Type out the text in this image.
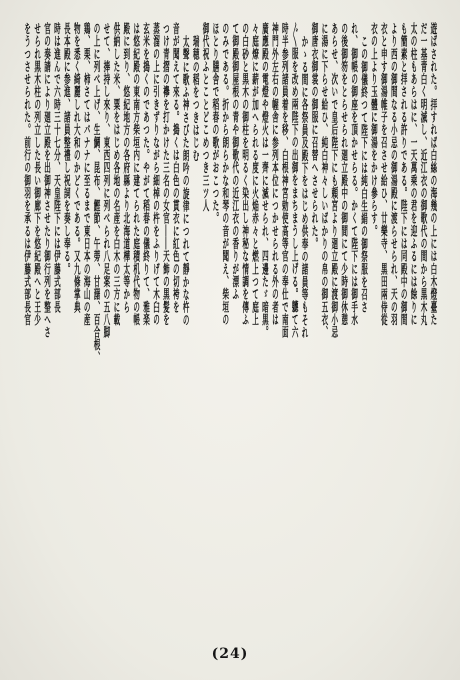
遊ばされた。拝すれば白絲の海幾の上には白木燈臺た
だ一基青白く明滅し、近江衣の御歌代の間から黒木丸
太の柱もあらはに、一天萬乘の君を迎ふるには餘りに
も簡素と拝される許りである。陛下には同殿中の御間
より西の御間なる小忌の御湯殿に渡らせられ、天の羽
衣と申す御湯帷子を召させ給ひ、廿樂寺、黒田兩侍從
衣の上より玉體に御湯をかけ參らす。
この御儀終つて陛下には純白生絹の御祭服を召さ
れ、御帳の御座を頂かせらる。かくて陛下には御手水
の後御笏をとらせられ廻立殿中の御間にて少時御休憩
あらせ、次いで皇后陛下にも頼宮より廻立殿に渡御小忌
に湯に下らせ給ひ、純白神々しいばかりの帛の御五衣、
御唐衣御裳の御服に召替へさせられた。
かゝる間に各祭員及殿下をはじめ供奉の諸員等もそれ
〴〵服を改め兩陛下の出御をまちまうし上げる。軈て六
時半参列諸員着を移、白根神宮勅使高等官の奉仕で南面
神門外左右の幄舎に参列本位につかせられる外の者は
廣應殿の電燈や燈火は一齊に滅せられ、四邊たゞ暗黒。
々庭燎に薪が加へられる度に火焔赤々と燃上つて庭上
の白砂と黒木の御柱を明るく染出し神秘な情調を傳ふ
て御殿御屋根の青や御歌代の近江衣の香りが漂ふ
のみである。折から朗らかな和琴の音が聞え、柴垣の
ほとり膳舎で稻春の歌がおこつた。
御代祝ふとことどこめつき三ツ人
瑞穂の稻をつきはじむ
太聲に歌ふ神さびた朗吟の旋律につれて靜かな杵の
音が聞えて來る。搗くは白色の貫衣に紅色の切袴を
つけ青摺の襷を打かけた三名の女官――天飾の黒髪を
蒸溜の上に引きずりながら細棹の杵をふりげて木臼の
玄米を搗くのであつた。やがて稻春の儀終りて、雅楽
は悠紀殿の東南方柴垣内に建てられた庭積机代物の帳
殿に到り、悠紀地方の各府縣より北海道樺太等から
供納した米、粟をはじめ各地の名産を白木の三方に載
せて、捧持し來り、東西四列に列べられ八足案の五八脚
の上に列べ上げ、生鯛、昆布、鰹節、午蒡、甘藷、百合根、
鶏、栗、柿さてはバナナに至るまで東日本の海山の産
物を悉く綺麗しれ大和のかどくである。又九條掌典
長本殿に参進、諸員整禮し祝詞を奏し奉る。
時は進んで六時三十七分、天皇陛下には伊藤式部長
官の奏請により廻立殿を出御神させたり御行列を整へさ
せられ黒木柱の列立した長い御廊下を悠紀殿へと王少
をうつさせられた。前行の御羽を承るは伊藤式部長官
(24)
